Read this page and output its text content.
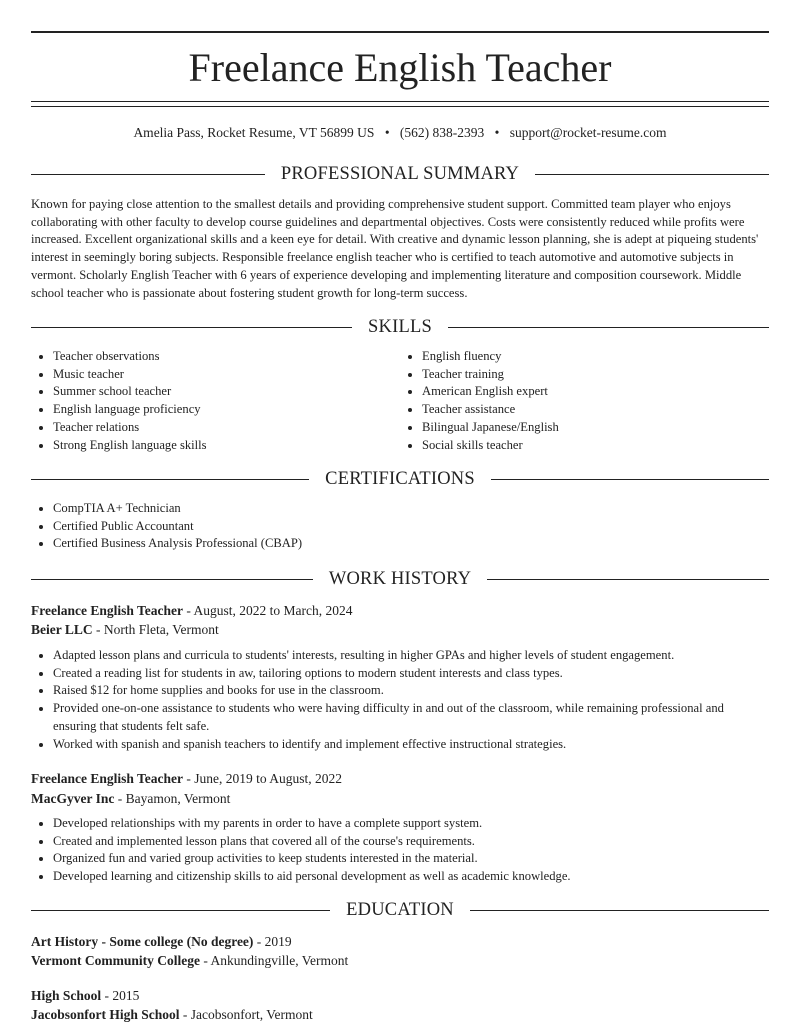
Freelance English Teacher
Amelia Pass, Rocket Resume, VT 56899 US • (562) 838-2393 • support@rocket-resume.com
PROFESSIONAL SUMMARY
Known for paying close attention to the smallest details and providing comprehensive student support. Committed team player who enjoys collaborating with other faculty to develop course guidelines and departmental objectives. Costs were consistently reduced while profits were increased. Excellent organizational skills and a keen eye for detail. With creative and dynamic lesson planning, she is adept at piqueing students' interest in seemingly boring subjects. Responsible freelance english teacher who is certified to teach automotive and automotive subjects in vermont. Scholarly English Teacher with 6 years of experience developing and implementing literature and composition coursework. Middle school teacher who is passionate about fostering student growth for long-term success.
SKILLS
• Teacher observations
• Music teacher
• Summer school teacher
• English language proficiency
• Teacher relations
• Strong English language skills
• English fluency
• Teacher training
• American English expert
• Teacher assistance
• Bilingual Japanese/English
• Social skills teacher
CERTIFICATIONS
• CompTIA A+ Technician
• Certified Public Accountant
• Certified Business Analysis Professional (CBAP)
WORK HISTORY
Freelance English Teacher - August, 2022 to March, 2024
Beier LLC - North Fleta, Vermont
• Adapted lesson plans and curricula to students' interests, resulting in higher GPAs and higher levels of student engagement.
• Created a reading list for students in aw, tailoring options to modern student interests and class types.
• Raised $12 for home supplies and books for use in the classroom.
• Provided one-on-one assistance to students who were having difficulty in and out of the classroom, while remaining professional and ensuring that students felt safe.
• Worked with spanish and spanish teachers to identify and implement effective instructional strategies.
Freelance English Teacher - June, 2019 to August, 2022
MacGyver Inc - Bayamon, Vermont
• Developed relationships with my parents in order to have a complete support system.
• Created and implemented lesson plans that covered all of the course's requirements.
• Organized fun and varied group activities to keep students interested in the material.
• Developed learning and citizenship skills to aid personal development as well as academic knowledge.
EDUCATION
Art History - Some college (No degree) - 2019
Vermont Community College - Ankundingville, Vermont
High School - 2015
Jacobsonfort High School - Jacobsonfort, Vermont
